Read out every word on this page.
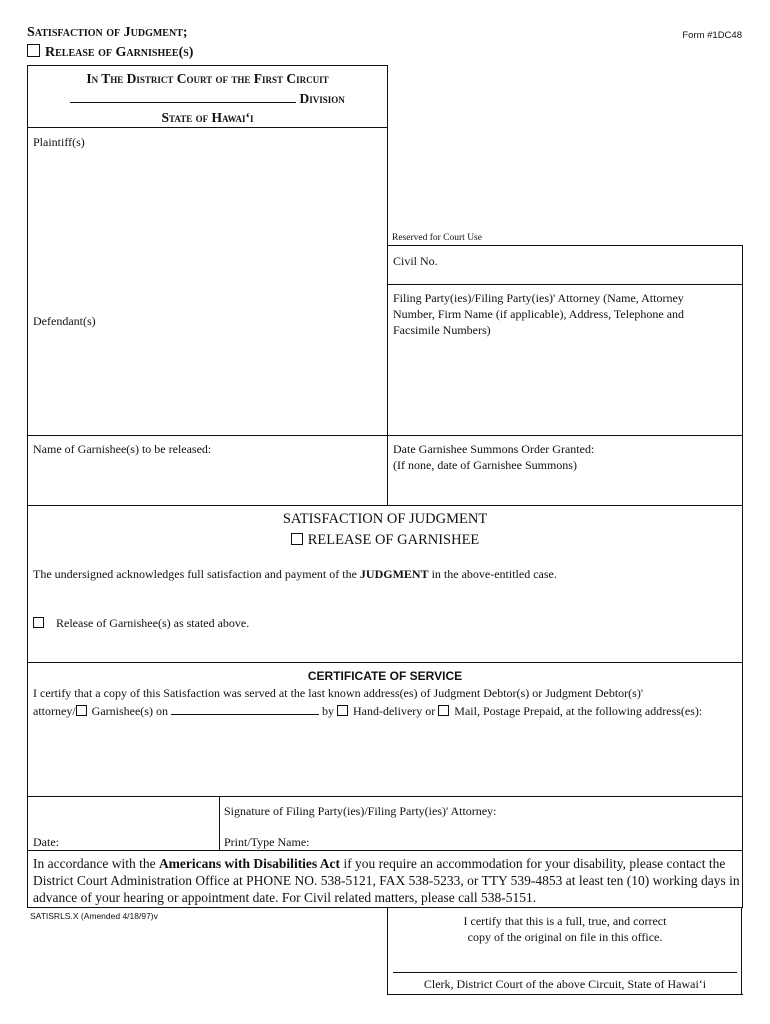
Satisfaction of Judgment;
Release of Garnishee(s)
Form #1DC48
In The District Court of the First Circuit
Division
State of Hawai‘i
Plaintiff(s)
Defendant(s)
Name of Garnishee(s) to be released:
Reserved for Court Use
Civil No.
Filing Party(ies)/Filing Party(ies)' Attorney (Name, Attorney Number, Firm Name (if applicable), Address, Telephone and Facsimile Numbers)
Date Garnishee Summons Order Granted:
(If none, date of Garnishee Summons)
SATISFACTION OF JUDGMENT
RELEASE OF GARNISHEE
The undersigned acknowledges full satisfaction and payment of the JUDGMENT in the above-entitled case.
Release of Garnishee(s) as stated above.
CERTIFICATE OF SERVICE
I certify that a copy of this Satisfaction was served at the last known address(es) of Judgment Debtor(s) or Judgment Debtor(s)'
attorney/ Garnishee(s) on	by Hand-delivery or Mail, Postage Prepaid, at the following address(es):
Signature of Filing Party(ies)/Filing Party(ies)' Attorney:
Date:	Print/Type Name:
In accordance with the Americans with Disabilities Act if you require an accommodation for your disability, please contact the District Court Administration Office at PHONE NO. 538-5121, FAX 538-5233, or TTY 539-4853 at least ten (10) working days in advance of your hearing or appointment date. For Civil related matters, please call 538-5151.
SATISRLS.X (Amended 4/18/97)v	I certify that this is a full, true, and correct
copy of the original on file in this office.
Clerk, District Court of the above Circuit, State of Hawai‘i
